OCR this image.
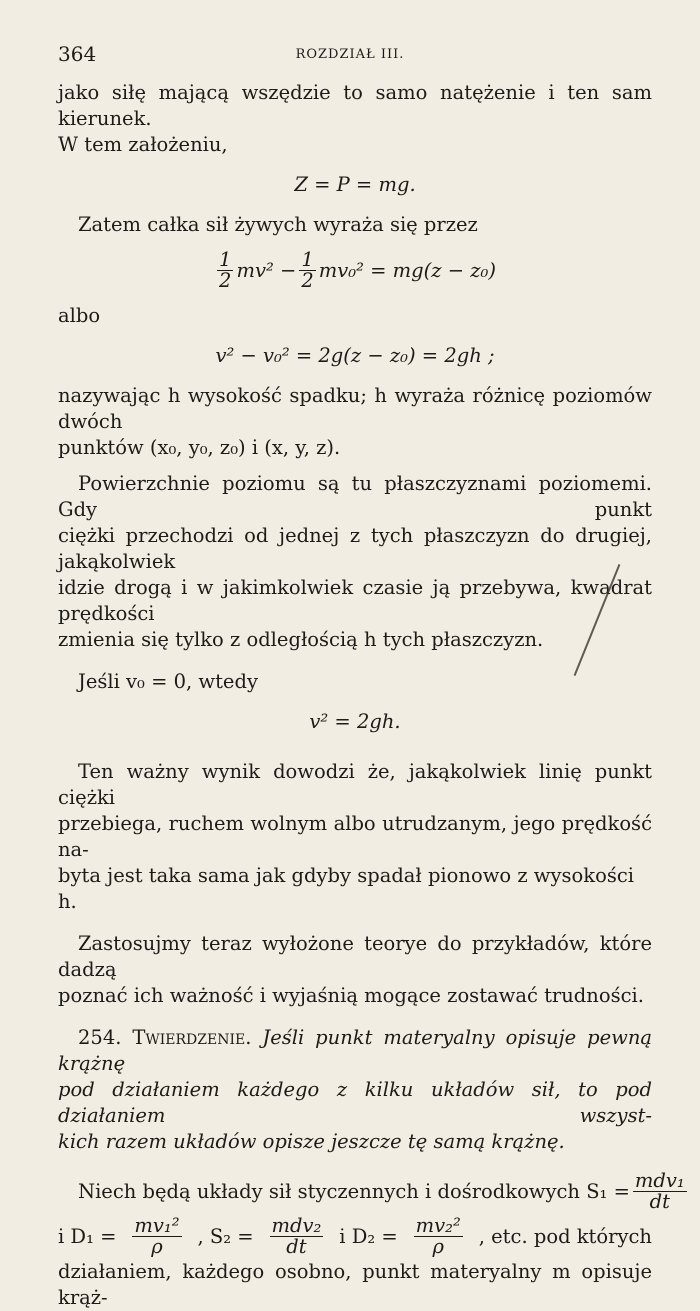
364	ROZDZIAŁ III.

jako siłę mającą wszędzie to samo natężenie i ten sam kierunek.

W tem założeniu,

Z = P = mg.

Zatem całka sił żywych wyraża się przez

$\frac{1}{2} mv^2 - \frac{1}{2} mv_0^2 = mg(z - z_0)$

albo

v² − v₀² = 2g(z − z₀) = 2gh ;

nazywając h wysokość spadku; h wyraża różnicę poziomów dwóch

punktów (x₀, y₀, z₀) i (x, y, z).

Powierzchnie poziomu są tu płaszczyznami poziomemi. Gdy punkt

ciężki przechodzi od jednej z tych płaszczyzn do drugiej, jakąkolwiek

idzie drogą i w jakimkolwiek czasie ją przebywa, kwadrat prędkości

zmienia się tylko z odległością h tych płaszczyzn.

Jeśli v₀ = 0, wtedy

v² = 2gh.

Ten ważny wynik dowodzi że, jakąkolwiek linię punkt ciężki

przebiega, ruchem wolnym albo utrudzanym, jego prędkość na-

byta jest taka sama jak gdyby spadał pionowo z wysokości h.

Zastosujmy teraz wyłożone teorye do przykładów, które dadzą

poznać ich ważność i wyjaśnią mogące zostawać trudności.

254. Twierdzenie. Jeśli punkt materyalny opisuje pewną krążnę

pod działaniem każdego z kilku układów sił, to pod działaniem wszyst-

kich razem układów opisze jeszcze tę samą krążnę.

Niech będą układy sił styczennych i dośrodkowych $S_1 = \frac{\text{mdv₁}}{dt}$
i $D_1 = \frac{\text{mv₁²}}{\rho}$ , $S_2 = \frac{\text{mdv₂}}{dt}$ i $D_2 = \frac{\text{mv₂²}}{\rho}$ , etc. pod których

działaniem, każdego osobno, punkt materyalny m opisuje krąż-
